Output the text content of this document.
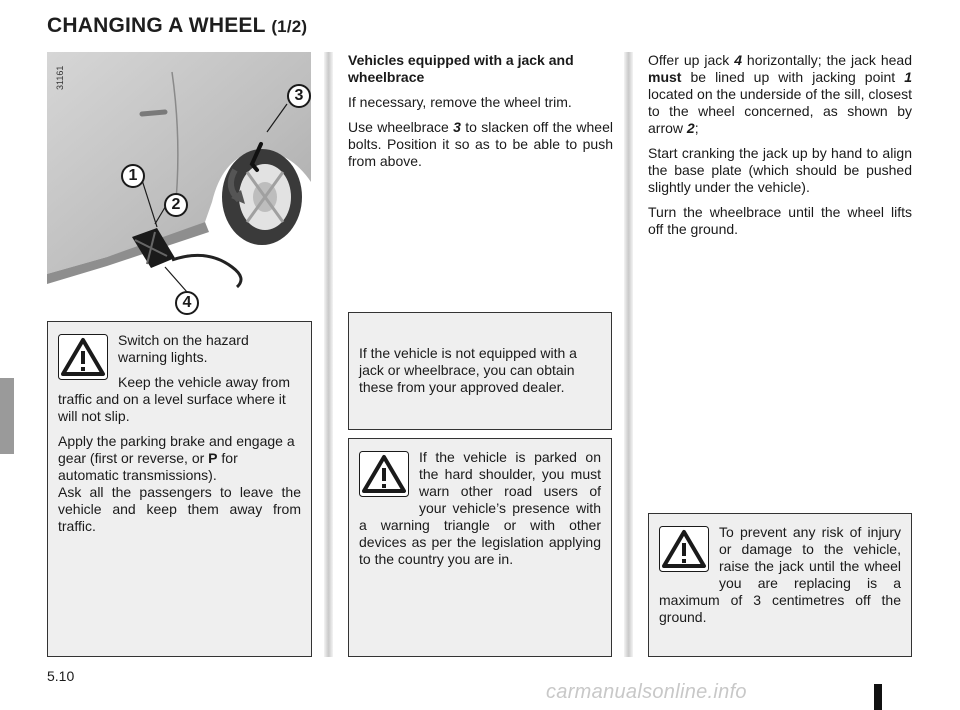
CHANGING A WHEEL (1/2)
31161
1
2
3
4
Vehicles equipped with a jack and wheelbrace

If necessary, remove the wheel trim.

Use wheelbrace 3 to slacken off the wheel bolts. Position it so as to be able to push from above.

Offer up jack 4 horizontally; the jack head must be lined up with jacking point 1 located on the underside of the sill, closest to the wheel concerned, as shown by arrow 2;

Start cranking the jack up by hand to align the base plate (which should be pushed slightly under the vehicle).

Turn the wheelbrace until the wheel lifts off the ground.

Switch on the hazard warning lights.

Keep the vehicle away from traffic and on a level surface where it will not slip.

Apply the parking brake and engage a gear (first or reverse, or P for automatic transmissions).

Ask all the passengers to leave the vehicle and keep them away from traffic.

If the vehicle is not equipped with a jack or wheelbrace, you can obtain these from your approved dealer.

If the vehicle is parked on the hard shoulder, you must warn other road users of your vehicle’s presence with a warning triangle or with other devices as per the legislation applying to the country you are in.

To prevent any risk of injury or damage to the vehicle, raise the jack until the wheel you are replacing is a maximum of 3 centimetres off the ground.

5.10
carmanualsonline.info
